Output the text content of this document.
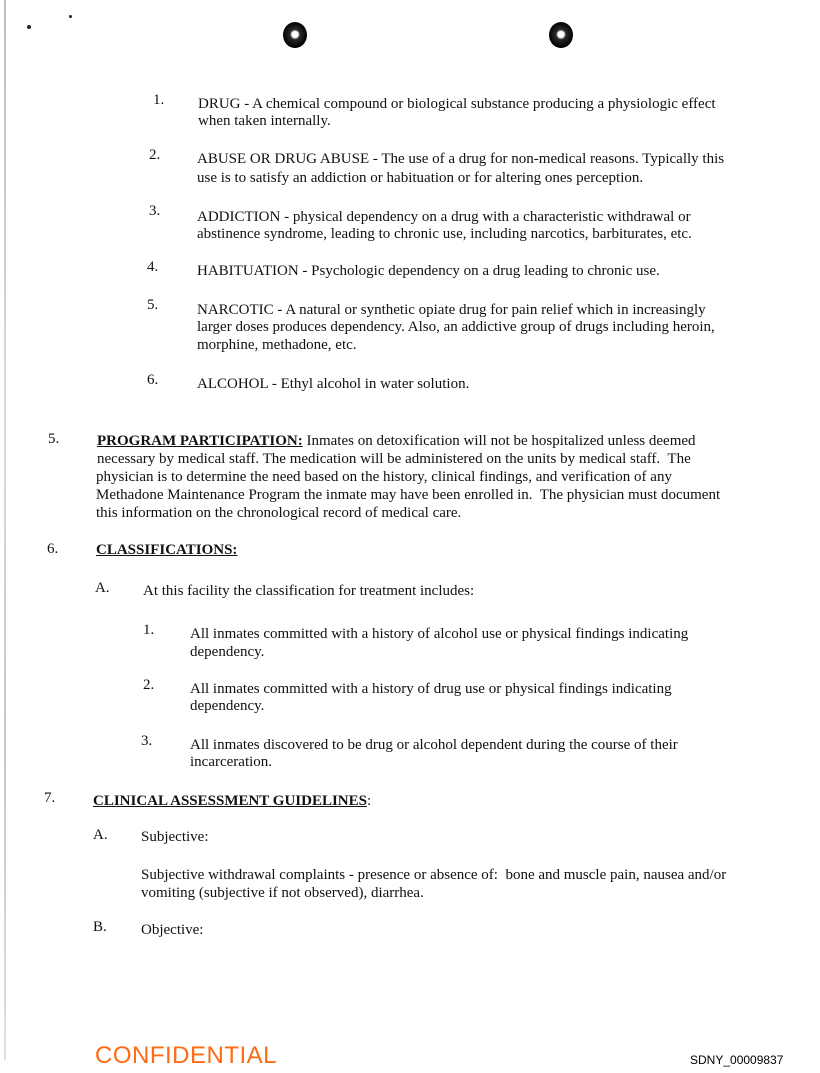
1. DRUG - A chemical compound or biological substance producing a physiologic effect
when taken internally.
2. ABUSE OR DRUG ABUSE - The use of a drug for non-medical reasons. Typically this
use is to satisfy an addiction or habituation or for altering ones perception.
3. ADDICTION - physical dependency on a drug with a characteristic withdrawal or
abstinence syndrome, leading to chronic use, including narcotics, barbiturates, etc.
4.	HABITUATION - Psychologic dependency on a drug leading to chronic use.
5.	NARCOTIC - A natural or synthetic opiate drug for pain relief which in increasingly
larger doses produces dependency. Also, an addictive group of drugs including heroin,
morphine, methadone, etc.
6.	ALCOHOL - Ethyl alcohol in water solution.
5.	PROGRAM PARTICIPATION: Inmates on detoxification will not be hospitalized unless deemed
necessary by medical staff. The medication will be administered on the units by medical staff.  The
physician is to determine the need based on the history, clinical findings, and verification of any
Methadone Maintenance Program the inmate may have been enrolled in.  The physician must document
this information on the chronological record of medical care.
6.	CLASSIFICATIONS:
A. At this facility the classification for treatment includes:
1. All inmates committed with a history of alcohol use or physical findings indicating
dependency.
2. All inmates committed with a history of drug use or physical findings indicating
dependency.
3.	All inmates discovered to be drug or alcohol dependent during the course of their
incarceration.
7.	CLINICAL ASSESSMENT GUIDELINES:
A. Subjective:
Subjective withdrawal complaints - presence or absence of:  bone and muscle pain, nausea and/or
vomiting (subjective if not observed), diarrhea.
B. Objective:
CONFIDENTIAL	SDNY_00009837
